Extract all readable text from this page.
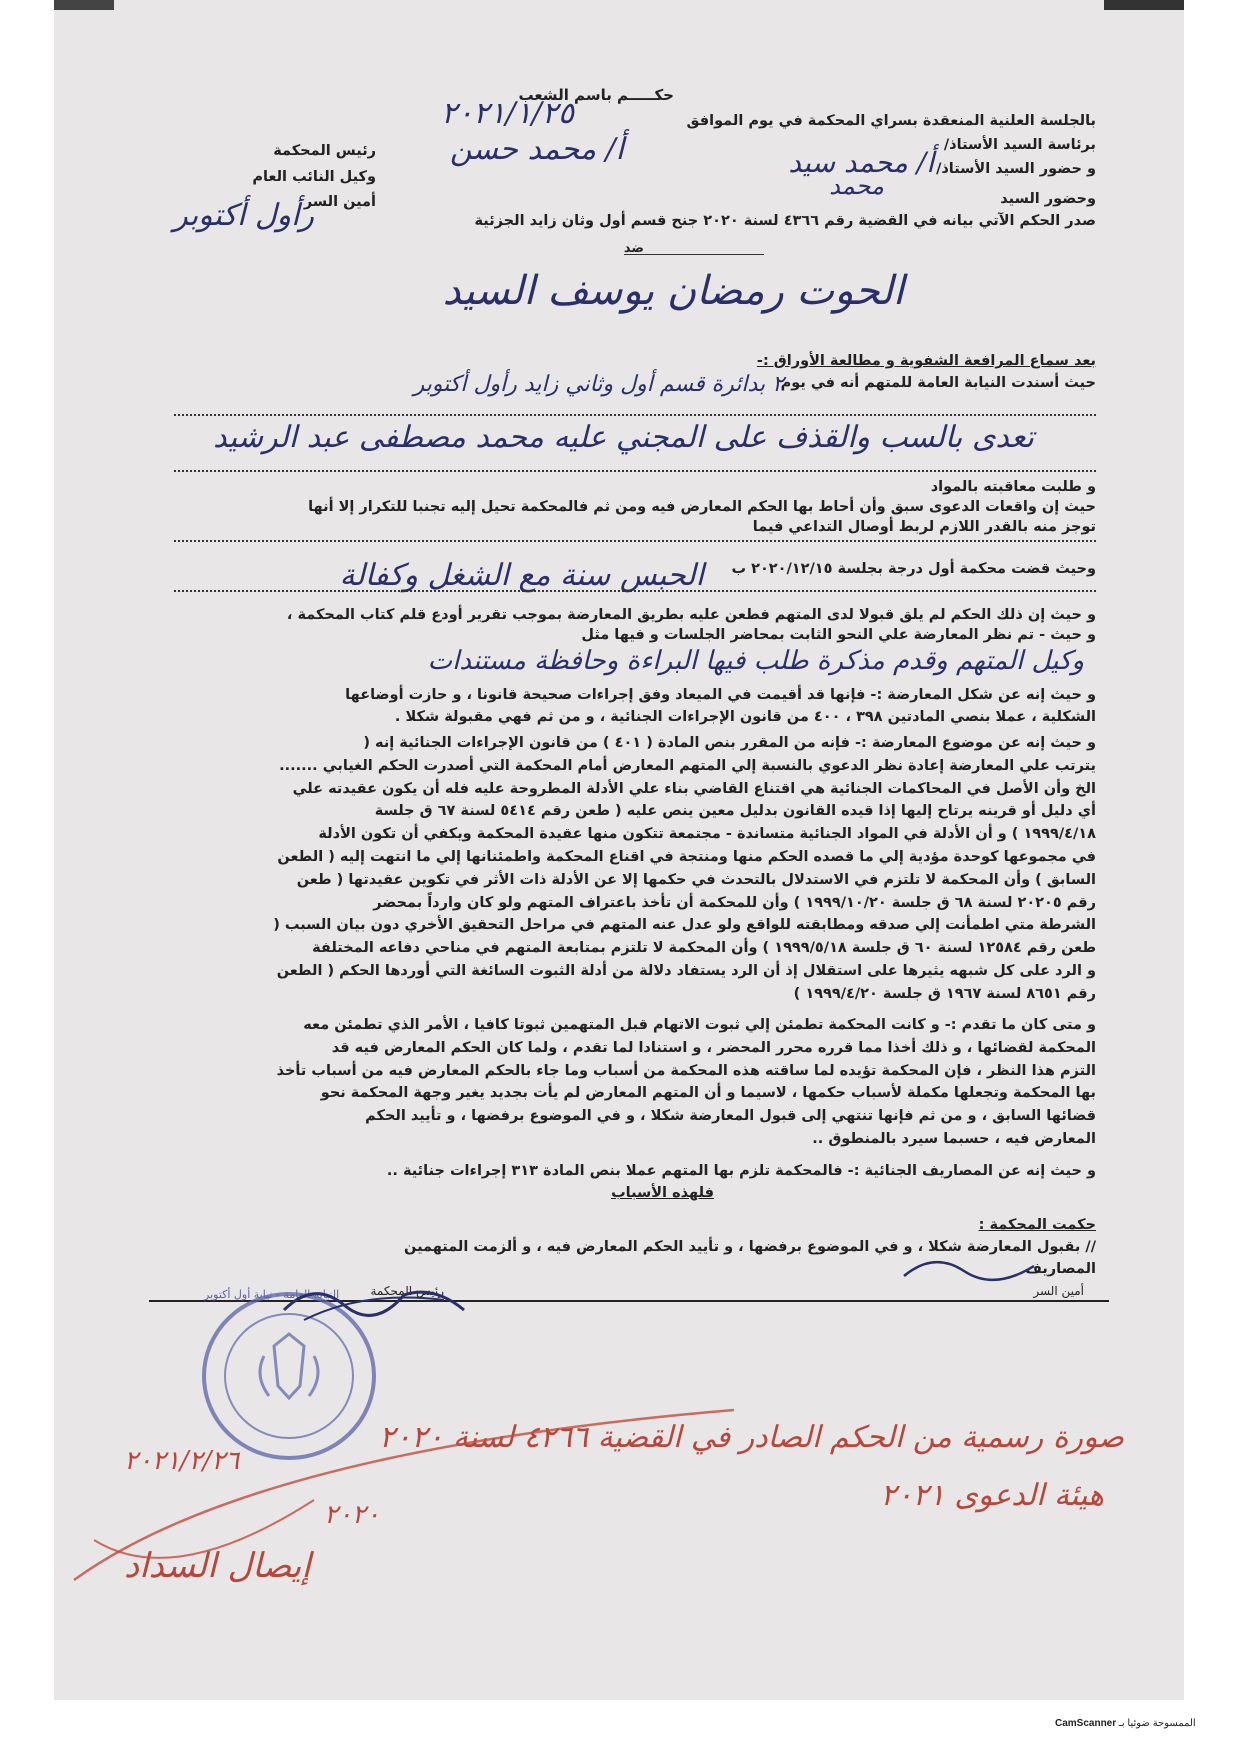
حكـــــم باسم الشعب
بالجلسة العلنية المنعقدة بسراي المحكمة في يوم الموافق
برئاسة السيد الأستاذ/
رئيس المحكمة
و حضور السيد الأستاذ/
وكيل النائب العام
وحضور السيد
أمين السر
صدر الحكم الآتي بيانه في القضية رقم ٤٣٦٦ لسنة ٢٠٢٠ جنح قسم أول وثان زايد الجزئية
ضد
٢٠٢١/١/٢٥
أ/ محمد حسن	أ/ محمد سيد
محمد
رأول أكتوبر
الحوت رمضان يوسف السيد
بعد سماع المرافعة الشفوية و مطالعة الأوراق :-
حيث أسندت النيابة العامة للمتهم أنه في يوم
٢ بدائرة قسم أول وثاني زايد رأول أكتوبر
تعدى بالسب والقذف على المجني عليه محمد مصطفى عبد الرشيد
و طلبت معاقبته بالمواد
حيث إن واقعات الدعوى سبق وأن أحاط بها الحكم المعارض فيه ومن ثم فالمحكمة تحيل إليه تجنبا للتكرار إلا أنها
توجز منه بالقدر اللازم لربط أوصال التداعي فيما
وحيث قضت محكمة أول درجة بجلسة ٢٠٢٠/١٢/١٥ ب
الحبس سنة مع الشغل وكفالة
و حيث إن ذلك الحكم لم يلق قبولا لدى المتهم فطعن عليه بطريق المعارضة بموجب تقرير أودع قلم كتاب المحكمة ،
و حيث - تم نظر المعارضة علي النحو الثابت بمحاضر الجلسات و فيها مثل
وكيل المتهم وقدم مذكرة طلب فيها البراءة وحافظة مستندات
و حيث إنه عن شكل المعارضة :- فإنها قد أقيمت في الميعاد وفق إجراءات صحيحة قانونا ، و حازت أوضاعها
الشكلية ، عملا بنصي المادتين ٣٩٨ ، ٤٠٠ من قانون الإجراءات الجنائية ، و من ثم فهي مقبولة شكلا .
و حيث إنه عن موضوع المعارضة :- فإنه من المقرر بنص المادة ( ٤٠١ ) من قانون الإجراءات الجنائية إنه (
يترتب علي المعارضة إعادة نظر الدعوي بالنسبة إلي المتهم المعارض أمام المحكمة التي أصدرت الحكم الغيابي .......
الخ وأن الأصل في المحاكمات الجنائية هي اقتناع القاضي بناء علي الأدلة المطروحة عليه فله أن يكون عقيدته علي
أي دليل أو قرينه يرتاح إليها إذا قيده القانون بدليل معين ينص عليه ( طعن رقم ٥٤١٤ لسنة ٦٧ ق جلسة
١٩٩٩/٤/١٨ ) و أن الأدلة في المواد الجنائية متساندة - مجتمعة تتكون منها عقيدة المحكمة ويكفي أن تكون الأدلة
في مجموعها كوحدة مؤدية إلي ما قصده الحكم منها ومنتجة في اقناع المحكمة واطمئنانها إلي ما انتهت إليه ( الطعن
السابق ) وأن المحكمة لا تلتزم في الاستدلال بالتحدث في حكمها إلا عن الأدلة ذات الأثر في تكوين عقيدتها ( طعن
رقم ٢٠٢٠٥ لسنة ٦٨ ق جلسة ١٩٩٩/١٠/٢٠ ) وأن للمحكمة أن تأخذ باعتراف المتهم ولو كان وارداً بمحضر
الشرطة متي اطمأنت إلي صدقه ومطابقته للواقع ولو عدل عنه المتهم في مراحل التحقيق الأخري دون بيان السبب (
طعن رقم ١٢٥٨٤ لسنة ٦٠ ق جلسة ١٩٩٩/٥/١٨ ) وأن المحكمة لا تلتزم بمتابعة المتهم في مناحي دفاعه المختلفة
و الرد على كل شبهه يثيرها على استقلال إذ أن الرد يستفاد دلالة من أدلة الثبوت السائغة التي أوردها الحكم ( الطعن
رقم ٨٦٥١ لسنة ١٩٦٧ ق جلسة ١٩٩٩/٤/٢٠ )
و متى كان ما تقدم :- و كانت المحكمة تطمئن إلي ثبوت الاتهام قبل المتهمين ثبوتا كافيا ، الأمر الذي تطمئن معه
المحكمة لقضائها ، و ذلك أخذا مما قرره محرر المحضر ، و استنادا لما تقدم ، ولما كان الحكم المعارض فيه قد
التزم هذا النظر ، فإن المحكمة تؤيده لما ساقته هذه المحكمة من أسباب وما جاء بالحكم المعارض فيه من أسباب تأخذ
بها المحكمة وتجعلها مكملة لأسباب حكمها ، لاسيما و أن المتهم المعارض لم يأت بجديد يغير وجهة المحكمة نحو
قضائها السابق ، و من ثم فإنها تنتهي إلى قبول المعارضة شكلا ، و في الموضوع برفضها ، و تأييد الحكم
المعارض فيه ، حسبما سيرد بالمنطوق ..
و حيث إنه عن المصاريف الجنائية :- فالمحكمة تلزم بها المتهم عملا بنص المادة ٣١٣ إجراءات جنائية ..
فلهذه الأسباب
حكمت المحكمة :
// بقبول المعارضة شكلا ، و في الموضوع برفضها ، و تأييد الحكم المعارض فيه ، و ألزمت المتهمين
المصاريف
أمين السر
رئيس المحكمة
النيابة العامة - نيابة أول أكتوبر
صورة رسمية من الحكم الصادر في القضية ٤٢٦٦ لسنة ٢٠٢٠
هيئة الدعوى ٢٠٢١
إيصال السداد
٢٠٢١/٢/٢٦
٢٠٢٠
الممسوحة ضوئيا بـ CamScanner
